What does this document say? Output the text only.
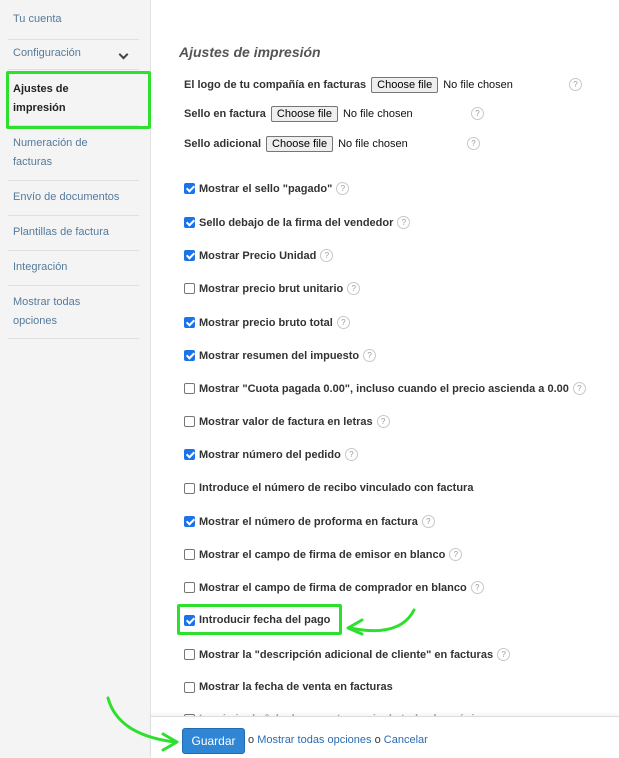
Tu cuenta
Configuración
Ajustes de impresión
Numeración de facturas
Envío de documentos
Plantillas de factura
Integración
Mostrar todas opciones
Ajustes de impresión
El logo de tu compañía en facturas	Choose file	No file chosen	?
Sello en factura	Choose file	No file chosen	?
Sello adicional	Choose file	No file chosen	?
Mostrar el sello "pagado"	?
Sello debajo de la firma del vendedor	?
Mostrar Precio Unidad	?
Mostrar precio brut unitario	?
Mostrar precio bruto total	?
Mostrar resumen del impuesto	?
Mostrar "Cuota pagada 0.00", incluso cuando el precio ascienda a 0.00	?
Mostrar valor de factura en letras	?
Mostrar número del pedido	?
Introduce el número de recibo vinculado con factura
Mostrar el número de proforma en factura	?
Mostrar el campo de firma de emisor en blanco	?
Mostrar el campo de firma de comprador en blanco	?
Introducir fecha del pago
Mostrar la "descripción adicional de cliente" en facturas	?
Mostrar la fecha de venta en facturas
Guardar	o Mostrar todas opciones o Cancelar
